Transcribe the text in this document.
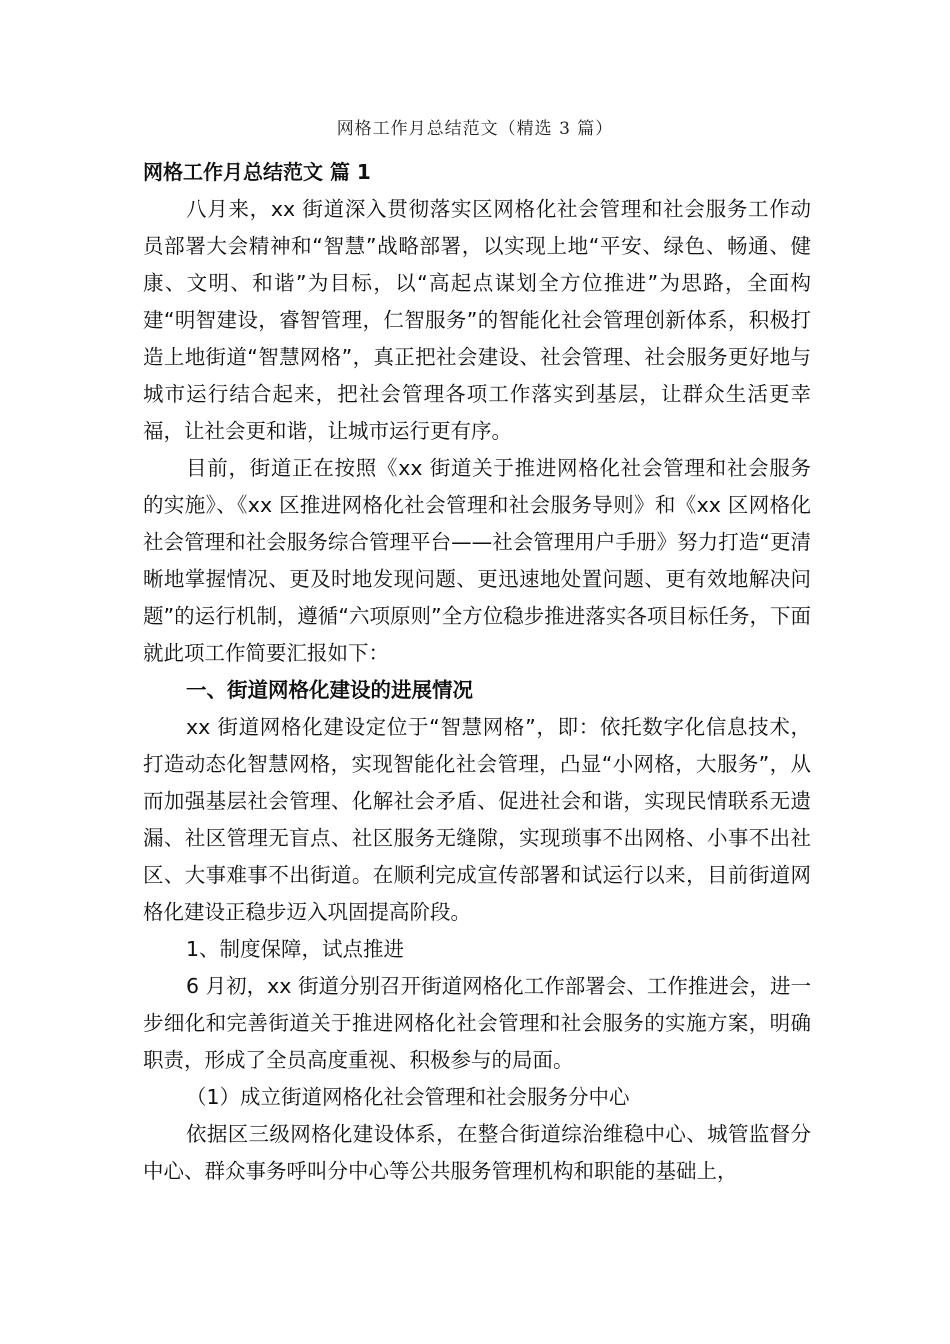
网格工作月总结范文（精选 3 篇）

网格工作月总结范文 篇 1

八月来，xx 街道深入贯彻落实区网格化社会管理和社会服务工作动员部署大会精神和“智慧”战略部署，以实现上地“平安、绿色、畅通、健康、文明、和谐”为目标，以“高起点谋划全方位推进”为思路，全面构建“明智建设，睿智管理，仁智服务”的智能化社会管理创新体系，积极打造上地街道“智慧网格”，真正把社会建设、社会管理、社会服务更好地与城市运行结合起来，把社会管理各项工作落实到基层，让群众生活更幸福，让社会更和谐，让城市运行更有序。

目前，街道正在按照《xx 街道关于推进网格化社会管理和社会服务的实施》、《xx 区推进网格化社会管理和社会服务导则》和《xx 区网格化社会管理和社会服务综合管理平台——社会管理用户手册》努力打造“更清晰地掌握情况、更及时地发现问题、更迅速地处置问题、更有效地解决问题”的运行机制，遵循“六项原则”全方位稳步推进落实各项目标任务，下面就此项工作简要汇报如下：

一、街道网格化建设的进展情况

xx 街道网格化建设定位于“智慧网格”，即：依托数字化信息技术，打造动态化智慧网格，实现智能化社会管理，凸显“小网格，大服务”，从而加强基层社会管理、化解社会矛盾、促进社会和谐，实现民情联系无遗漏、社区管理无盲点、社区服务无缝隙，实现琐事不出网格、小事不出社区、大事难事不出街道。在顺利完成宣传部署和试运行以来，目前街道网格化建设正稳步迈入巩固提高阶段。

1、制度保障，试点推进

6 月初，xx 街道分别召开街道网格化工作部署会、工作推进会，进一步细化和完善街道关于推进网格化社会管理和社会服务的实施方案，明确职责，形成了全员高度重视、积极参与的局面。

（1）成立街道网格化社会管理和社会服务分中心

依据区三级网格化建设体系，在整合街道综治维稳中心、城管监督分中心、群众事务呼叫分中心等公共服务管理机构和职能的基础上，
